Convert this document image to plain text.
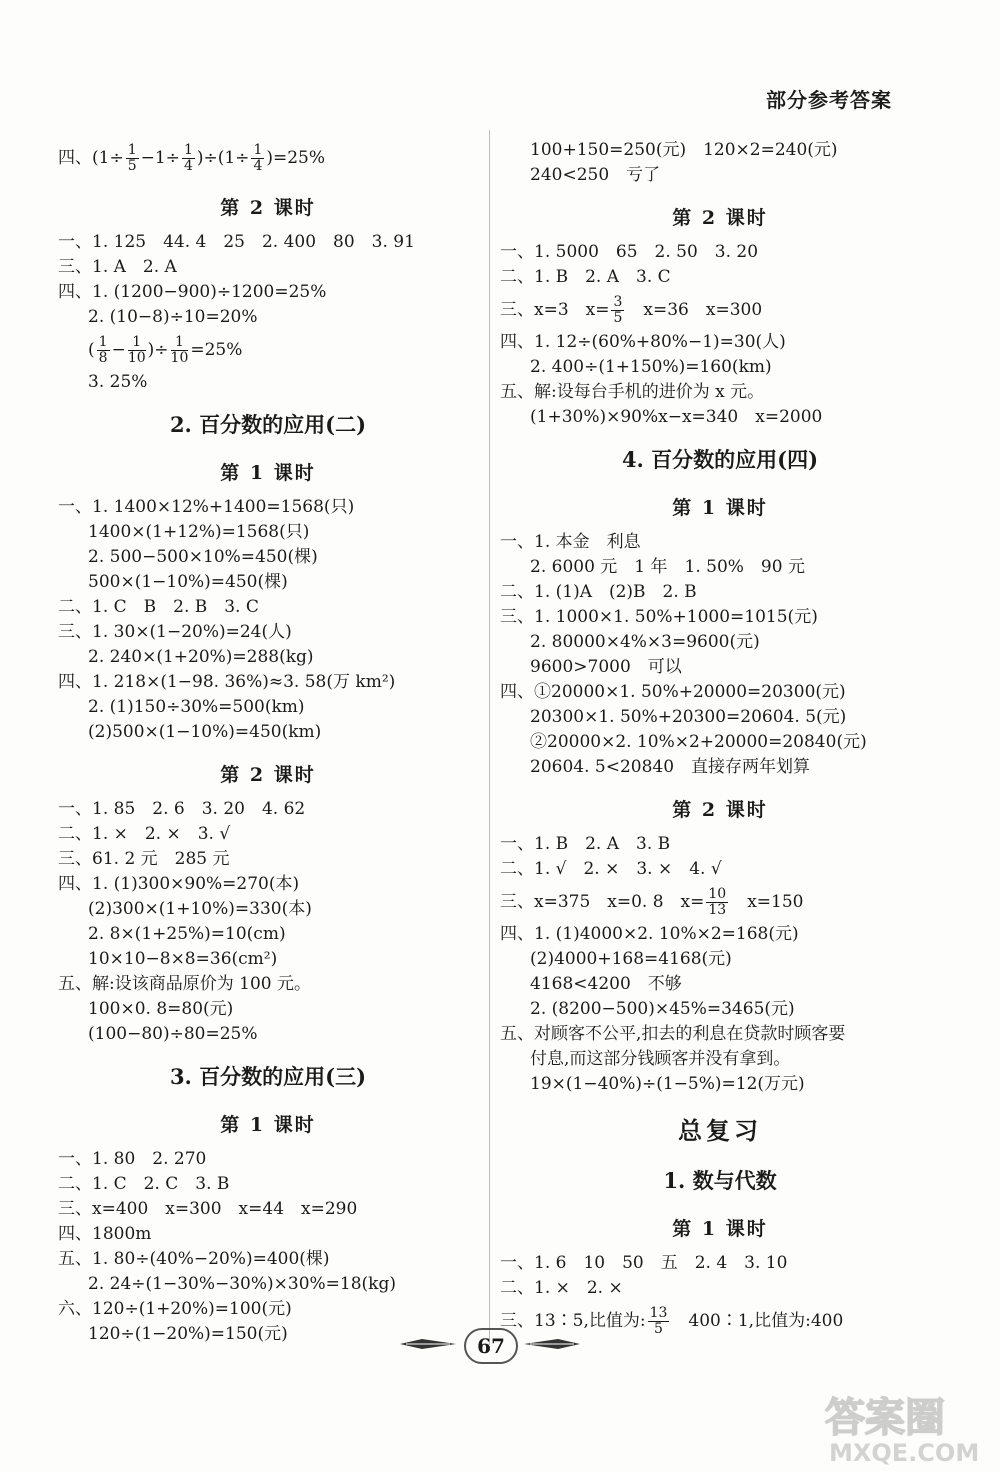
部分参考答案
四、$(1\div \frac{1}{5} -1\div \frac{1}{4} )\div(1\div \frac{1}{4} )=25\%$
第 2 课时
一、1. 125　44. 4　25　2. 400　80　3. 91
三、1. A　2. A
四、1. (1200−900)÷1200=25%
2. (10−8)÷10=20%
( $\frac{1}{8} - \frac{1}{10}$ )÷ $\frac{1}{10} =25\%$
3. 25%
2. 百分数的应用(二)
第 1 课时
一、1. 1400×12%+1400=1568(只)
1400×(1+12%)=1568(只)
2. 500−500×10%=450(棵)
500×(1−10%)=450(棵)
二、1. C　B　2. B　3. C
三、1. 30×(1−20%)=24(人)
2. 240×(1+20%)=288(kg)
四、1. 218×(1−98. 36%)≈3. 58(万 km²)
2. (1)150÷30%=500(km)
(2)500×(1−10%)=450(km)
第 2 课时
一、1. 85　2. 6　3. 20　4. 62
二、1. ×　2. ×　3. √
三、61. 2 元　285 元
四、1. (1)300×90%=270(本)
(2)300×(1+10%)=330(本)
2. 8×(1+25%)=10(cm)
10×10−8×8=36(cm²)
五、解:设该商品原价为 100 元。
100×0. 8=80(元)
(100−80)÷80=25%
3. 百分数的应用(三)
第 1 课时
一、1. 80　2. 270
二、1. C　2. C　3. B
三、x=400　x=300　x=44　x=290
四、1800m
五、1. 80÷(40%−20%)=400(棵)
2. 24÷(1−30%−30%)×30%=18(kg)
六、120÷(1+20%)=100(元)
120÷(1−20%)=150(元)
100+150=250(元)　120×2=240(元)
240<250　亏了
第 2 课时
一、1. 5000　65　2. 50　3. 20
二、1. B　2. A　3. C
三、x=3　$x= \frac{3}{5}$ 　x=36　x=300
四、1. 12÷(60%+80%−1)=30(人)
2. 400÷(1+150%)=160(km)
五、解:设每台手机的进价为 x 元。
(1+30%)×90%x−x=340　x=2000
4. 百分数的应用(四)
第 1 课时
一、1. 本金　利息
2. 6000 元　1 年　1. 50%　90 元
二、1. (1)A　(2)B　2. B
三、1. 1000×1. 50%+1000=1015(元)
2. 80000×4%×3=9600(元)
9600>7000　可以
四、①20000×1. 50%+20000=20300(元)
20300×1. 50%+20300=20604. 5(元)
②20000×2. 10%×2+20000=20840(元)
20604. 5<20840　直接存两年划算
第 2 课时
一、1. B　2. A　3. B
二、1. √　2. ×　3. ×　4. √
三、x=375　x=0. 8　$x= \frac{10}{13}$ 　x=150
四、1. (1)4000×2. 10%×2=168(元)
(2)4000+168=4168(元)
4168<4200　不够
2. (8200−500)×45%=3465(元)
五、对顾客不公平,扣去的利息在贷款时顾客要
付息,而这部分钱顾客并没有拿到。
19×(1−40%)÷(1−5%)=12(万元)
总复习
1. 数与代数
第 1 课时
一、1. 6　10　50　五　2. 4　3. 10
二、1. ×　2. ×
三、13∶5,比值为: $\frac{13}{5}$ 　400∶1,比值为:400
67
答案圈
MXQE.COM
